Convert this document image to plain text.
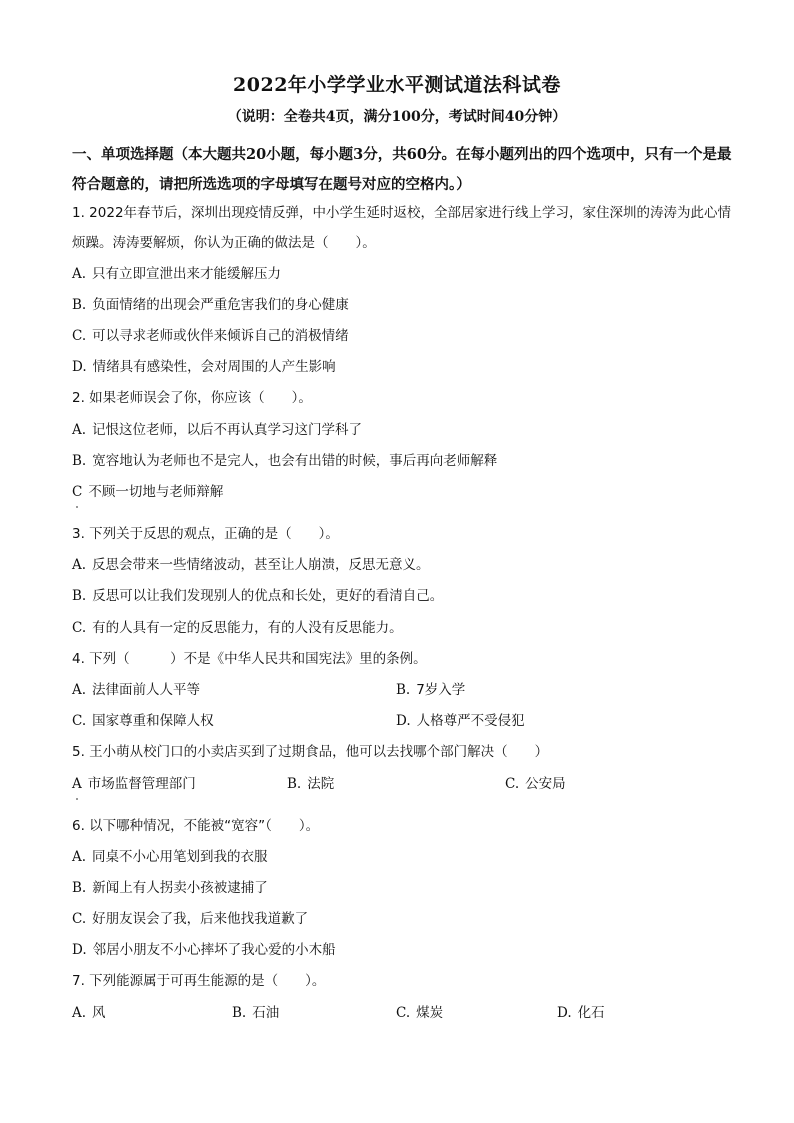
2022年小学学业水平测试道法科试卷

（说明：全卷共4页，满分100分，考试时间40分钟）

一、单项选择题（本大题共20小题，每小题3分，共60分。在每小题列出的四个选项中，只有一个是最符合题意的，请把所选选项的字母填写在题号对应的空格内。）

1. 2022年春节后，深圳出现疫情反弹，中小学生延时返校，全部居家进行线上学习，家住深圳的涛涛为此心情烦躁。涛涛要解烦，你认为正确的做法是（　　）。

A. 只有立即宣泄出来才能缓解压力
B. 负面情绪的出现会严重危害我们的身心健康
C. 可以寻求老师或伙伴来倾诉自己的消极情绪
D. 情绪具有感染性，会对周围的人产生影响

2. 如果老师误会了你，你应该（　　）。

A. 记恨这位老师，以后不再认真学习这门学科了
B. 宽容地认为老师也不是完人，也会有出错的时候，事后再向老师解释
C 不顾一切地与老师辩解

3. 下列关于反思的观点，正确的是（　　）。

A. 反思会带来一些情绪波动，甚至让人崩溃，反思无意义。
B. 反思可以让我们发现别人的优点和长处，更好的看清自己。
C. 有的人具有一定的反思能力，有的人没有反思能力。

4. 下列（　　　）不是《中华人民共和国宪法》里的条例。

A. 法律面前人人平等	B. 7岁入学
C. 国家尊重和保障人权	D. 人格尊严不受侵犯

5. 王小萌从校门口的小卖店买到了过期食品，他可以去找哪个部门解决（　　）

A 市场监督管理部门	B. 法院	C. 公安局

6. 以下哪种情况，不能被“宽容”（　　）。

A. 同桌不小心用笔划到我的衣服
B. 新闻上有人拐卖小孩被逮捕了
C. 好朋友误会了我，后来他找我道歉了
D. 邻居小朋友不小心摔坏了我心爱的小木船

7. 下列能源属于可再生能源的是（　　）。

A. 风	B. 石油	C. 煤炭	D. 化石
